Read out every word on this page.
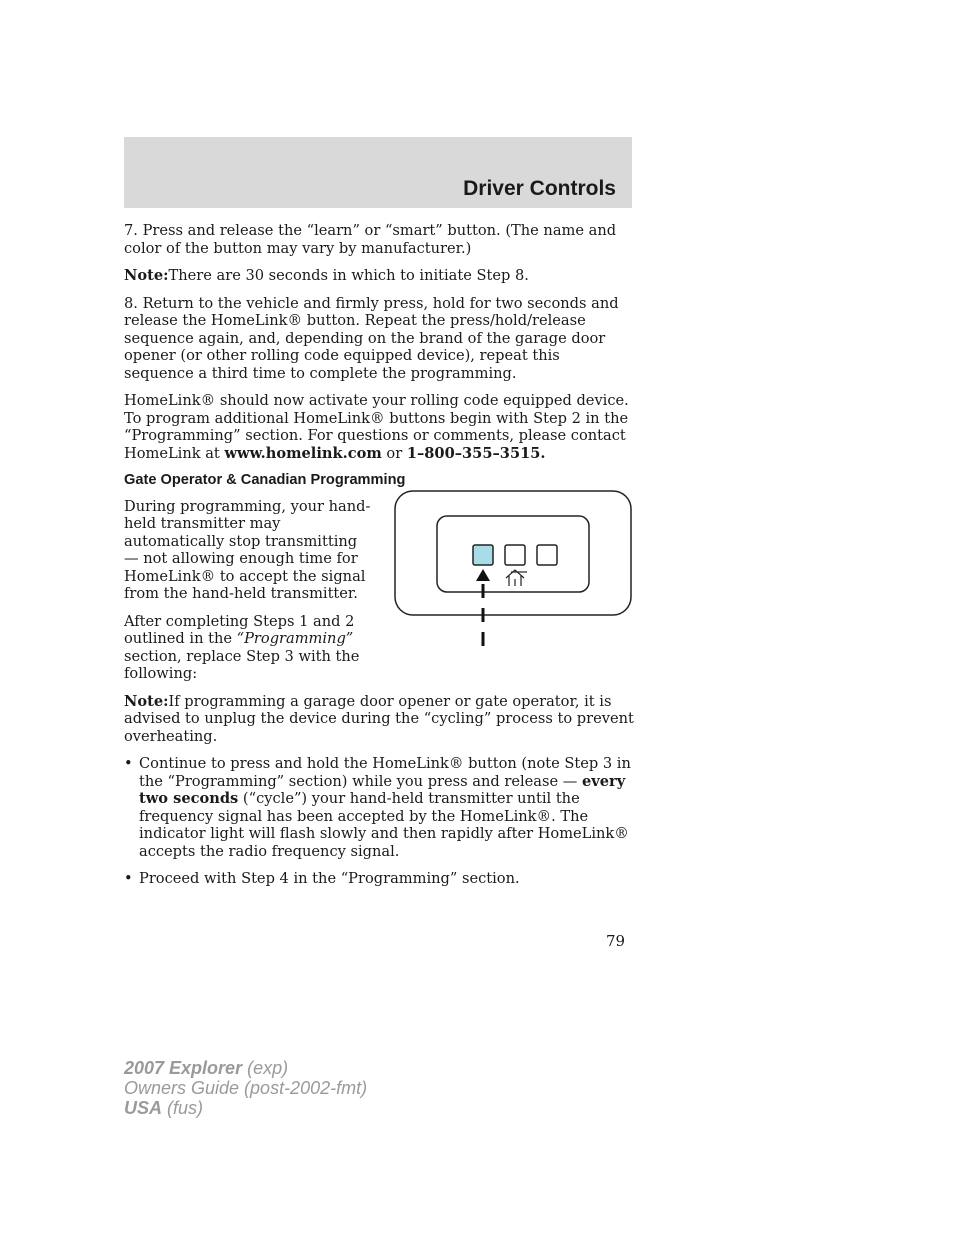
Driver Controls

7. Press and release the “learn” or “smart” button. (The name and color of the button may vary by manufacturer.)

Note:There are 30 seconds in which to initiate Step 8.

8. Return to the vehicle and firmly press, hold for two seconds and release the HomeLink® button. Repeat the press/hold/release sequence again, and, depending on the brand of the garage door opener (or other rolling code equipped device), repeat this sequence a third time to complete the programming.

HomeLink® should now activate your rolling code equipped device. To program additional HomeLink® buttons begin with Step 2 in the “Programming” section. For questions or comments, please contact HomeLink at www.homelink.com or 1–800–355–3515.

Gate Operator & Canadian Programming

During programming, your hand-held transmitter may automatically stop transmitting — not allowing enough time for HomeLink® to accept the signal from the hand-held transmitter.

After completing Steps 1 and 2 outlined in the “Programming” section, replace Step 3 with the following:

Note:If programming a garage door opener or gate operator, it is advised to unplug the device during the “cycling” process to prevent overheating.

• Continue to press and hold the HomeLink® button (note Step 3 in the “Programming” section) while you press and release — every two seconds (“cycle”) your hand-held transmitter until the frequency signal has been accepted by the HomeLink®. The indicator light will flash slowly and then rapidly after HomeLink® accepts the radio frequency signal.
• Proceed with Step 4 in the “Programming” section.
79
2007 Explorer (exp)
Owners Guide (post-2002-fmt)
USA (fus)
